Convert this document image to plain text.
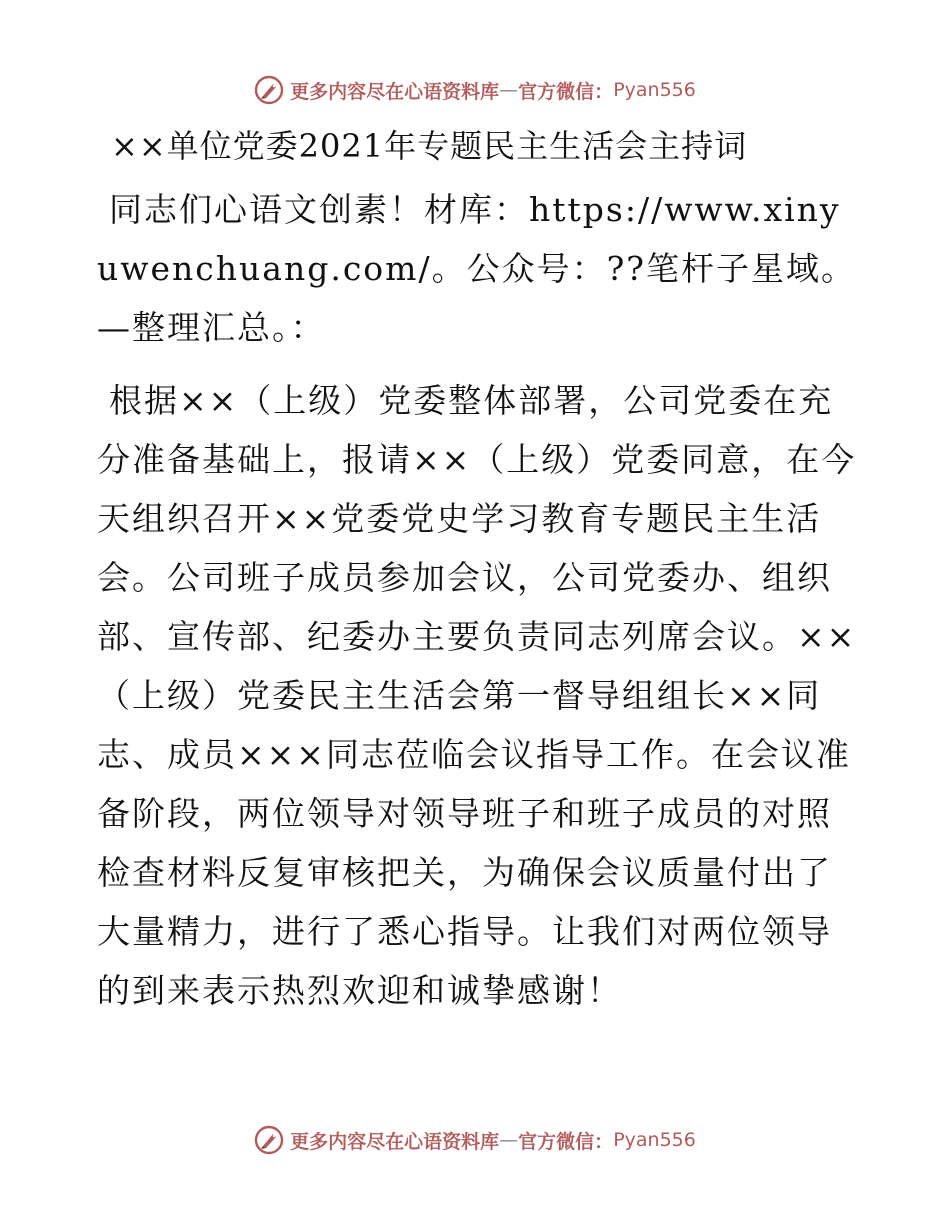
更多内容尽在心语资料库 — 官方微信： Pyan556
××单位党委2021年专题民主生活会主持词

同志们心语文创素！材库：https://www.xinyuwenchuang.com/。公众号：??笔杆子星域。—整理汇总。：

根据××（上级）党委整体部署，公司党委在充分准备基础上，报请××（上级）党委同意，在今天组织召开××党委党史学习教育专题民主生活会。公司班子成员参加会议，公司党委办、组织部、宣传部、纪委办主要负责同志列席会议。××（上级）党委民主生活会第一督导组组长××同志、成员×××同志莅临会议指导工作。在会议准备阶段，两位领导对领导班子和班子成员的对照检查材料反复审核把关，为确保会议质量付出了大量精力，进行了悉心指导。让我们对两位领导的到来表示热烈欢迎和诚挚感谢！

更多内容尽在心语资料库 — 官方微信： Pyan556
